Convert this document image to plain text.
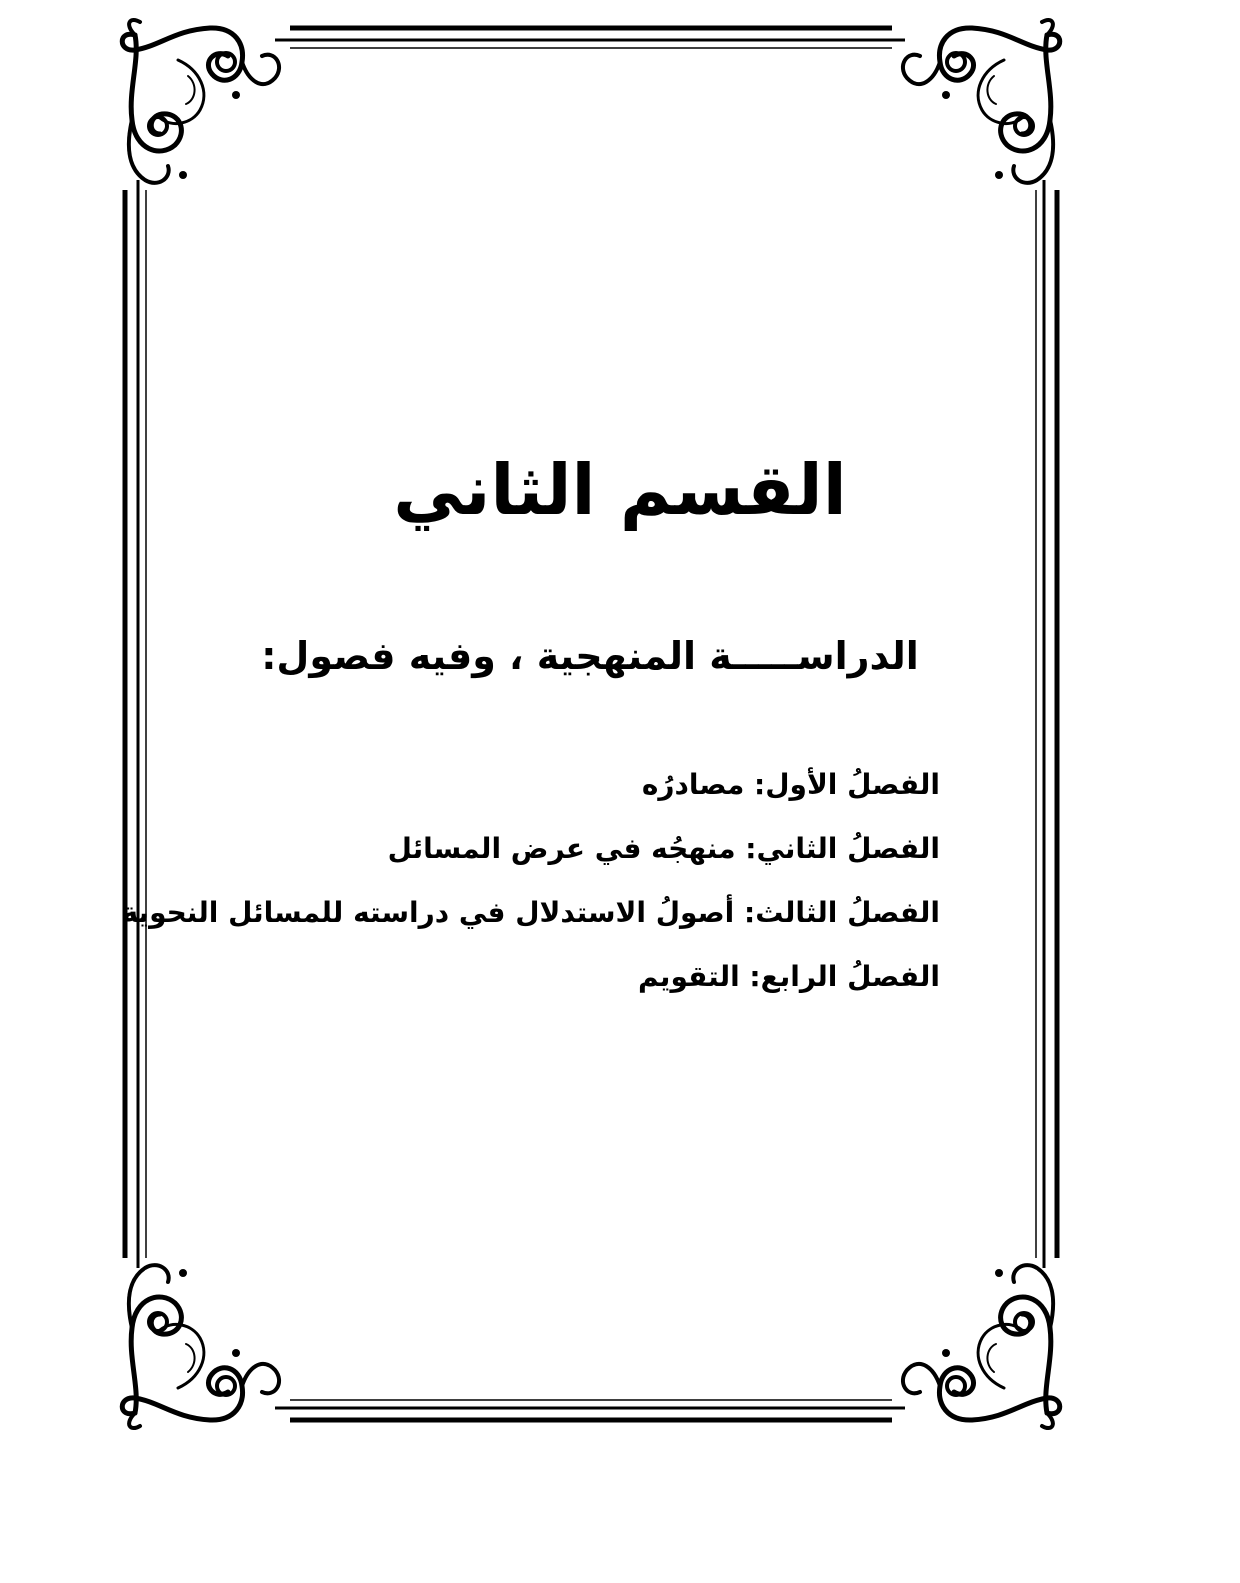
القسم الثاني
الدراســـــة المنهجية ، وفيه فصول:
الفصلُ الأول: مصادرُه
الفصلُ الثاني: منهجُه في عرض المسائل
الفصلُ الثالث: أصولُ الاستدلال في دراسته للمسائل النحوية
الفصلُ الرابع: التقويم
